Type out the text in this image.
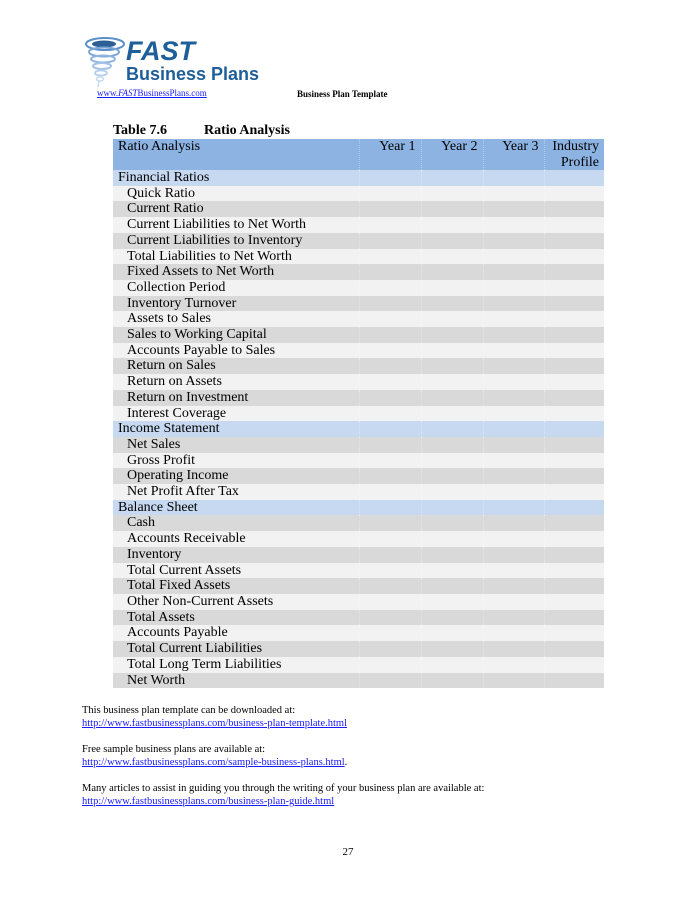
FAST
Business Plans
www.FASTBusinessPlans.com	Business Plan Template
Table 7.6	Ratio Analysis
Ratio Analysis	Year 1	Year 2	Year 3	Industry
Profile
Financial Ratios				
Quick Ratio				
Current Ratio				
Current Liabilities to Net Worth				
Current Liabilities to Inventory				
Total Liabilities to Net Worth				
Fixed Assets to Net Worth				
Collection Period				
Inventory Turnover				
Assets to Sales				
Sales to Working Capital				
Accounts Payable to Sales				
Return on Sales				
Return on Assets				
Return on Investment				
Interest Coverage				
Income Statement				
Net Sales				
Gross Profit				
Operating Income				
Net Profit After Tax				
Balance Sheet				
Cash				
Accounts Receivable				
Inventory				
Total Current Assets				
Total Fixed Assets				
Other Non-Current Assets				
Total Assets				
Accounts Payable				
Total Current Liabilities				
Total Long Term Liabilities				
Net Worth				

This business plan template can be downloaded at:
http://www.fastbusinessplans.com/business-plan-template.html

Free sample business plans are available at:
http://www.fastbusinessplans.com/sample-business-plans.html.

Many articles to assist in guiding you through the writing of your business plan are available at:
http://www.fastbusinessplans.com/business-plan-guide.html

27
